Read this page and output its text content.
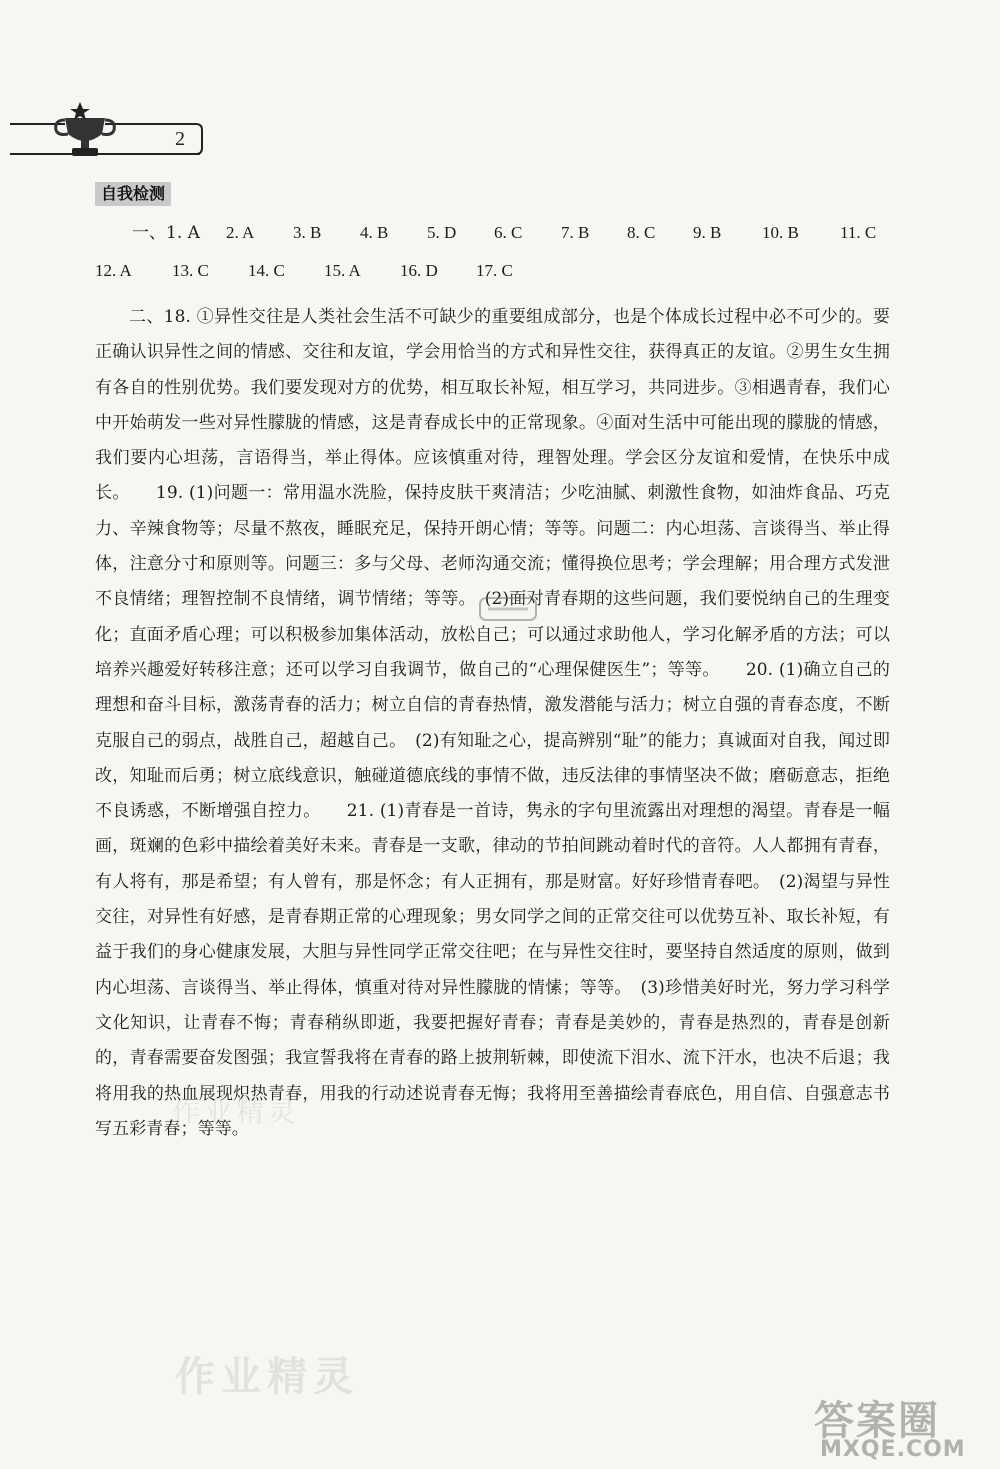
2
自我检测
一、1. A 2. A 3. B 4. B 5. D 6. C 7. B 8. C 9. B 10. B 11. C
12. A 13. C 14. C 15. A 16. D 17. C

二、18. ①异性交往是人类社会生活不可缺少的重要组成部分，也是个体成长过程中必不可少的。要正确认识异性之间的情感、交往和友谊，学会用恰当的方式和异性交往，获得真正的友谊。②男生女生拥有各自的性别优势。我们要发现对方的优势，相互取长补短，相互学习，共同进步。③相遇青春，我们心中开始萌发一些对异性朦胧的情感，这是青春成长中的正常现象。④面对生活中可能出现的朦胧的情感，我们要内心坦荡，言语得当，举止得体。应该慎重对待，理智处理。学会区分友谊和爱情，在快乐中成长。　　19. (1)问题一：常用温水洗脸，保持皮肤干爽清洁；少吃油腻、刺激性食物，如油炸食品、巧克力、辛辣食物等；尽量不熬夜，睡眠充足，保持开朗心情；等等。问题二：内心坦荡、言谈得当、举止得体，注意分寸和原则等。问题三：多与父母、老师沟通交流；懂得换位思考；学会理解；用合理方式发泄不良情绪；理智控制不良情绪，调节情绪；等等。　(2)面对青春期的这些问题，我们要悦纳自己的生理变化；直面矛盾心理；可以积极参加集体活动，放松自己；可以通过求助他人，学习化解矛盾的方法；可以培养兴趣爱好转移注意；还可以学习自我调节，做自己的“心理保健医生”；等等。　　20. (1)确立自己的理想和奋斗目标，激荡青春的活力；树立自信的青春热情，激发潜能与活力；树立自强的青春态度，不断克服自己的弱点，战胜自己，超越自己。　(2)有知耻之心，提高辨别“耻”的能力；真诚面对自我，闻过即改，知耻而后勇；树立底线意识，触碰道德底线的事情不做，违反法律的事情坚决不做；磨砺意志，拒绝不良诱惑，不断增强自控力。　　21. (1)青春是一首诗，隽永的字句里流露出对理想的渴望。青春是一幅画，斑斓的色彩中描绘着美好未来。青春是一支歌，律动的节拍间跳动着时代的音符。人人都拥有青春，有人将有，那是希望；有人曾有，那是怀念；有人正拥有，那是财富。好好珍惜青春吧。　(2)渴望与异性交往，对异性有好感，是青春期正常的心理现象；男女同学之间的正常交往可以优势互补、取长补短，有益于我们的身心健康发展，大胆与异性同学正常交往吧；在与异性交往时，要坚持自然适度的原则，做到内心坦荡、言谈得当、举止得体，慎重对待对异性朦胧的情愫；等等。　(3)珍惜美好时光，努力学习科学文化知识，让青春不悔；青春稍纵即逝，我要把握好青春；青春是美妙的，青春是热烈的，青春是创新的，青春需要奋发图强；我宣誓我将在青春的路上披荆斩棘，即使流下泪水、流下汗水，也决不后退；我将用我的热血展现炽热青春，用我的行动述说青春无悔；我将用至善描绘青春底色，用自信、自强意志书写五彩青春；等等。

作业精灵
作业精灵
答案圈
MXQE.COM
